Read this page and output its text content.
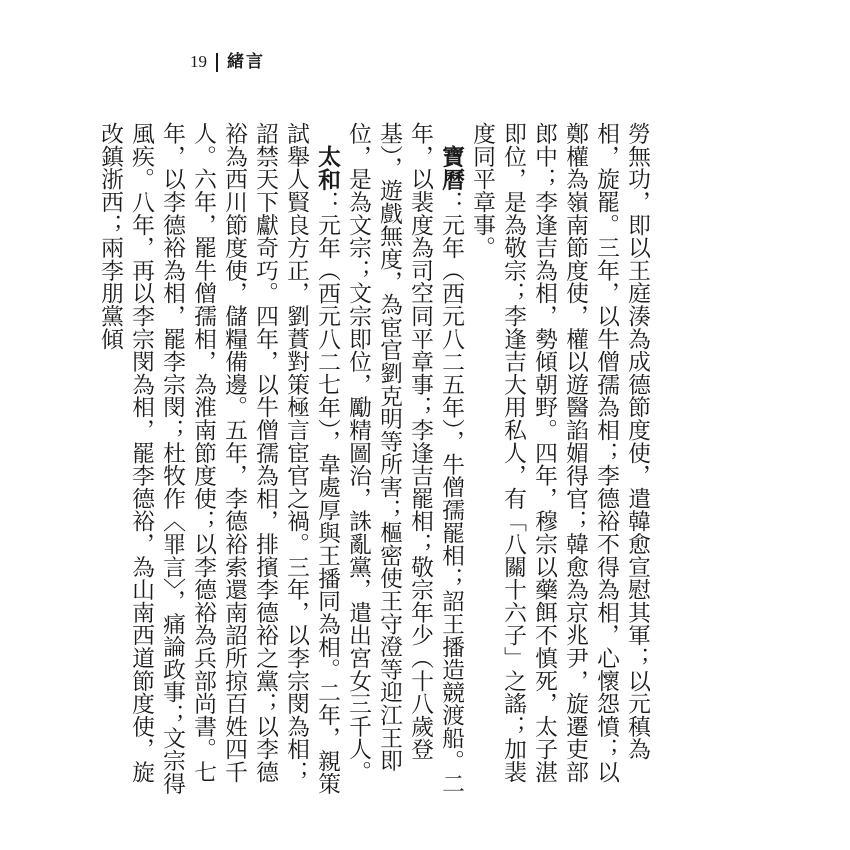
19 緒言

勞無功，即以王庭湊為成德節度使，遣韓愈宣慰其軍；以元稹為相，旋罷。三年，以牛僧孺為相；李德裕不得為相，心懷怨憤；以鄭權為嶺南節度使，權以遊醫諂媚得官；韓愈為京兆尹，旋遷吏部郎中；李逢吉為相，勢傾朝野。四年，穆宗以藥餌不慎死，太子湛即位，是為敬宗；李逢吉大用私人，有「八關十六子」之謠；加裴度同平章事。

寶曆：元年（西元八二五年），牛僧孺罷相；詔王播造競渡船。二年，以裴度為司空同平章事；李逢吉罷相；敬宗年少（十八歲登基），遊戲無度，為宦官劉克明等所害；樞密使王守澄等迎江王即位，是為文宗；文宗即位，勵精圖治，誅亂黨，遣出宮女三千人。

太和：元年（西元八二七年），韋處厚與王播同為相。二年，親策試舉人賢良方正，劉蕡對策極言宦官之禍。三年，以李宗閔為相；詔禁天下獻奇巧。四年，以牛僧孺為相，排擯李德裕之黨；以李德裕為西川節度使，儲糧備邊。五年，李德裕索還南詔所掠百姓四千人。六年，罷牛僧孺相，為淮南節度使；以李德裕為兵部尚書。七年，以李德裕為相，罷李宗閔；杜牧作〈罪言〉，痛論政事；文宗得風疾。八年，再以李宗閔為相，罷李德裕，為山南西道節度使，旋改鎮浙西；兩李朋黨傾
